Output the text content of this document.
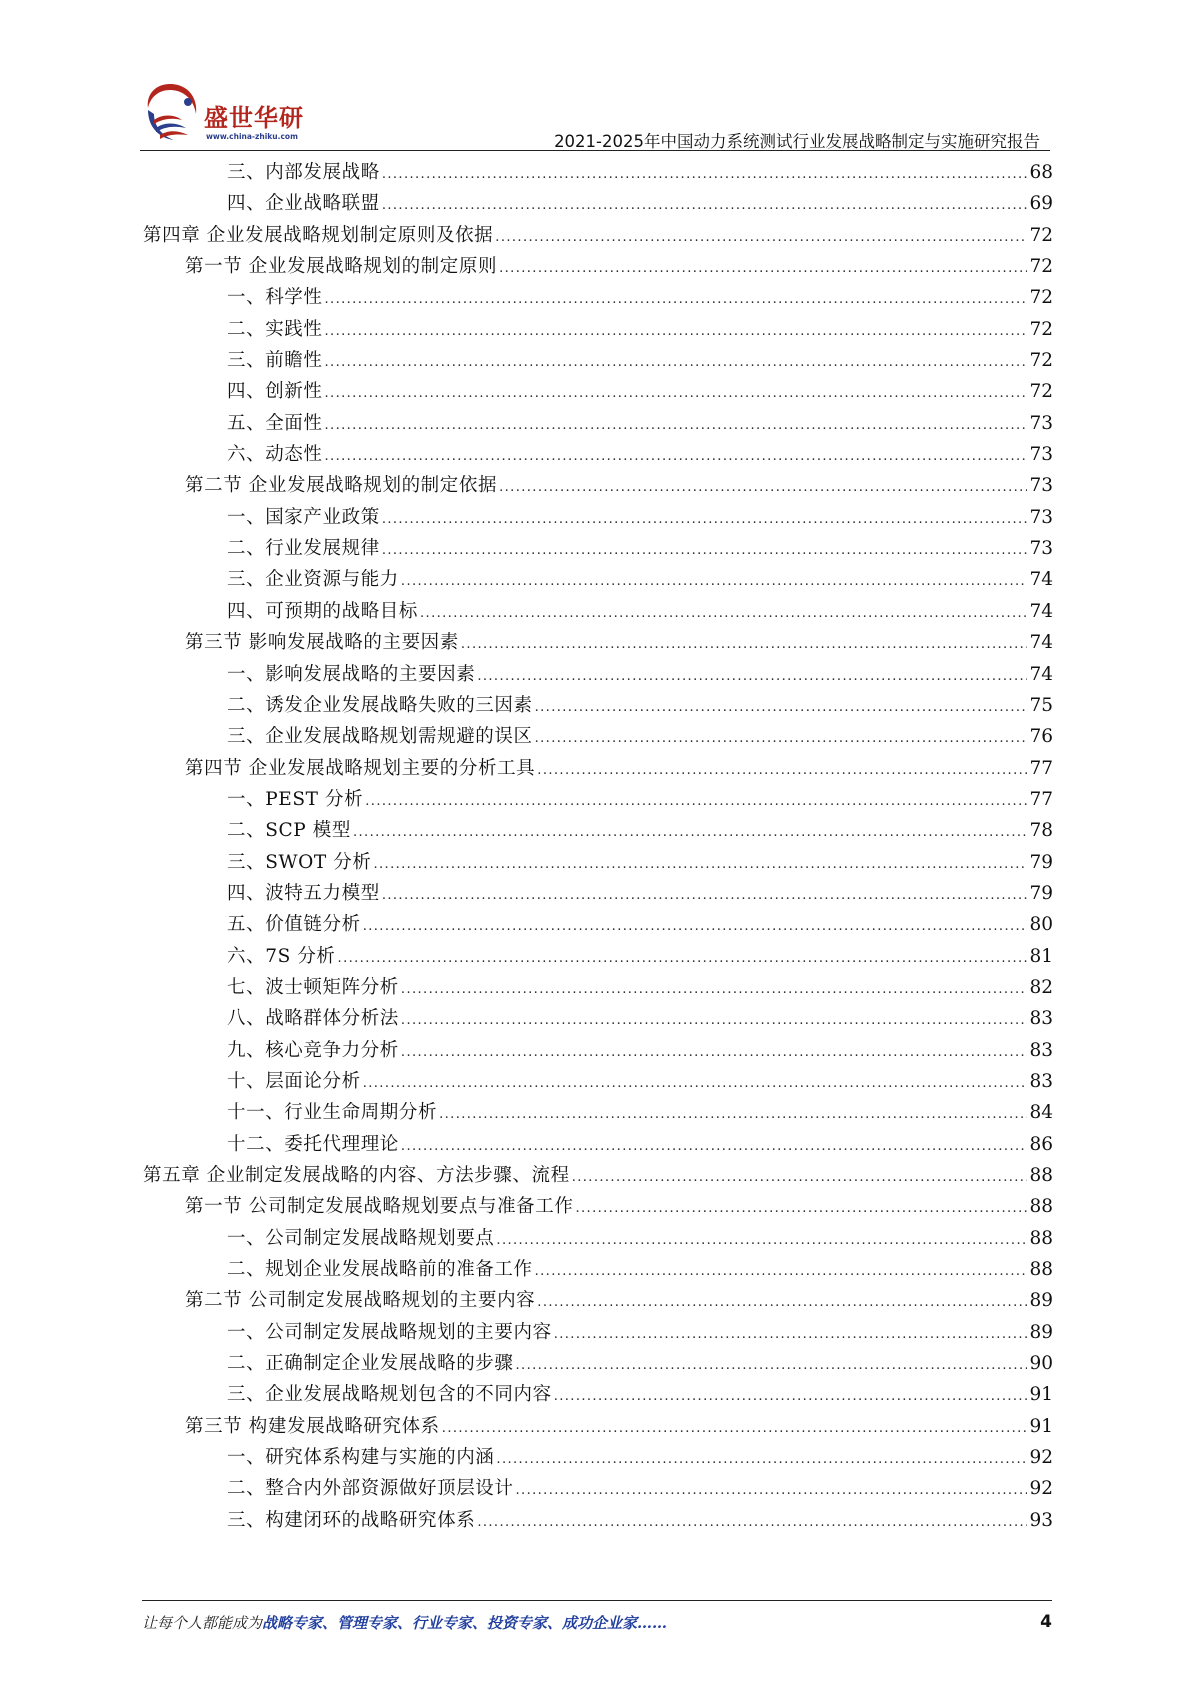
盛世华研
www.china-zhiku.com	2021-2025年中国动力系统测试行业发展战略制定与实施研究报告
三、内部发展战略 .....	68
四、企业战略联盟 .....	69
第四章 企业发展战略规划制定原则及依据 .....	72
第一节 企业发展战略规划的制定原则 .....	72
一、科学性 .....	72
二、实践性 .....	72
三、前瞻性 .....	72
四、创新性 .....	72
五、全面性 .....	73
六、动态性 .....	73
第二节 企业发展战略规划的制定依据 .....	73
一、国家产业政策 .....	73
二、行业发展规律 .....	73
三、企业资源与能力 .....	74
四、可预期的战略目标 .....	74
第三节 影响发展战略的主要因素 .....	74
一、影响发展战略的主要因素 .....	74
二、诱发企业发展战略失败的三因素 .....	75
三、企业发展战略规划需规避的误区 .....	76
第四节 企业发展战略规划主要的分析工具 .....	77
一、PEST 分析 .....	77
二、SCP 模型 .....	78
三、SWOT 分析 .....	79
四、波特五力模型 .....	79
五、价值链分析 .....	80
六、7S 分析 .....	81
七、波士顿矩阵分析 .....	82
八、战略群体分析法 .....	83
九、核心竞争力分析 .....	83
十、层面论分析 .....	83
十一、行业生命周期分析 .....	84
十二、委托代理理论 .....	86
第五章 企业制定发展战略的内容、方法步骤、流程 .....	88
第一节 公司制定发展战略规划要点与准备工作 .....	88
一、公司制定发展战略规划要点 .....	88
二、规划企业发展战略前的准备工作 .....	88
第二节 公司制定发展战略规划的主要内容 .....	89
一、公司制定发展战略规划的主要内容 .....	89
二、正确制定企业发展战略的步骤 .....	90
三、企业发展战略规划包含的不同内容 .....	91
第三节 构建发展战略研究体系 .....	91
一、研究体系构建与实施的内涵 .....	92
二、整合内外部资源做好顶层设计 .....	92
三、构建闭环的战略研究体系 .....	93
让每个人都能成为战略专家、管理专家、行业专家、投资专家、成功企业家……	4
